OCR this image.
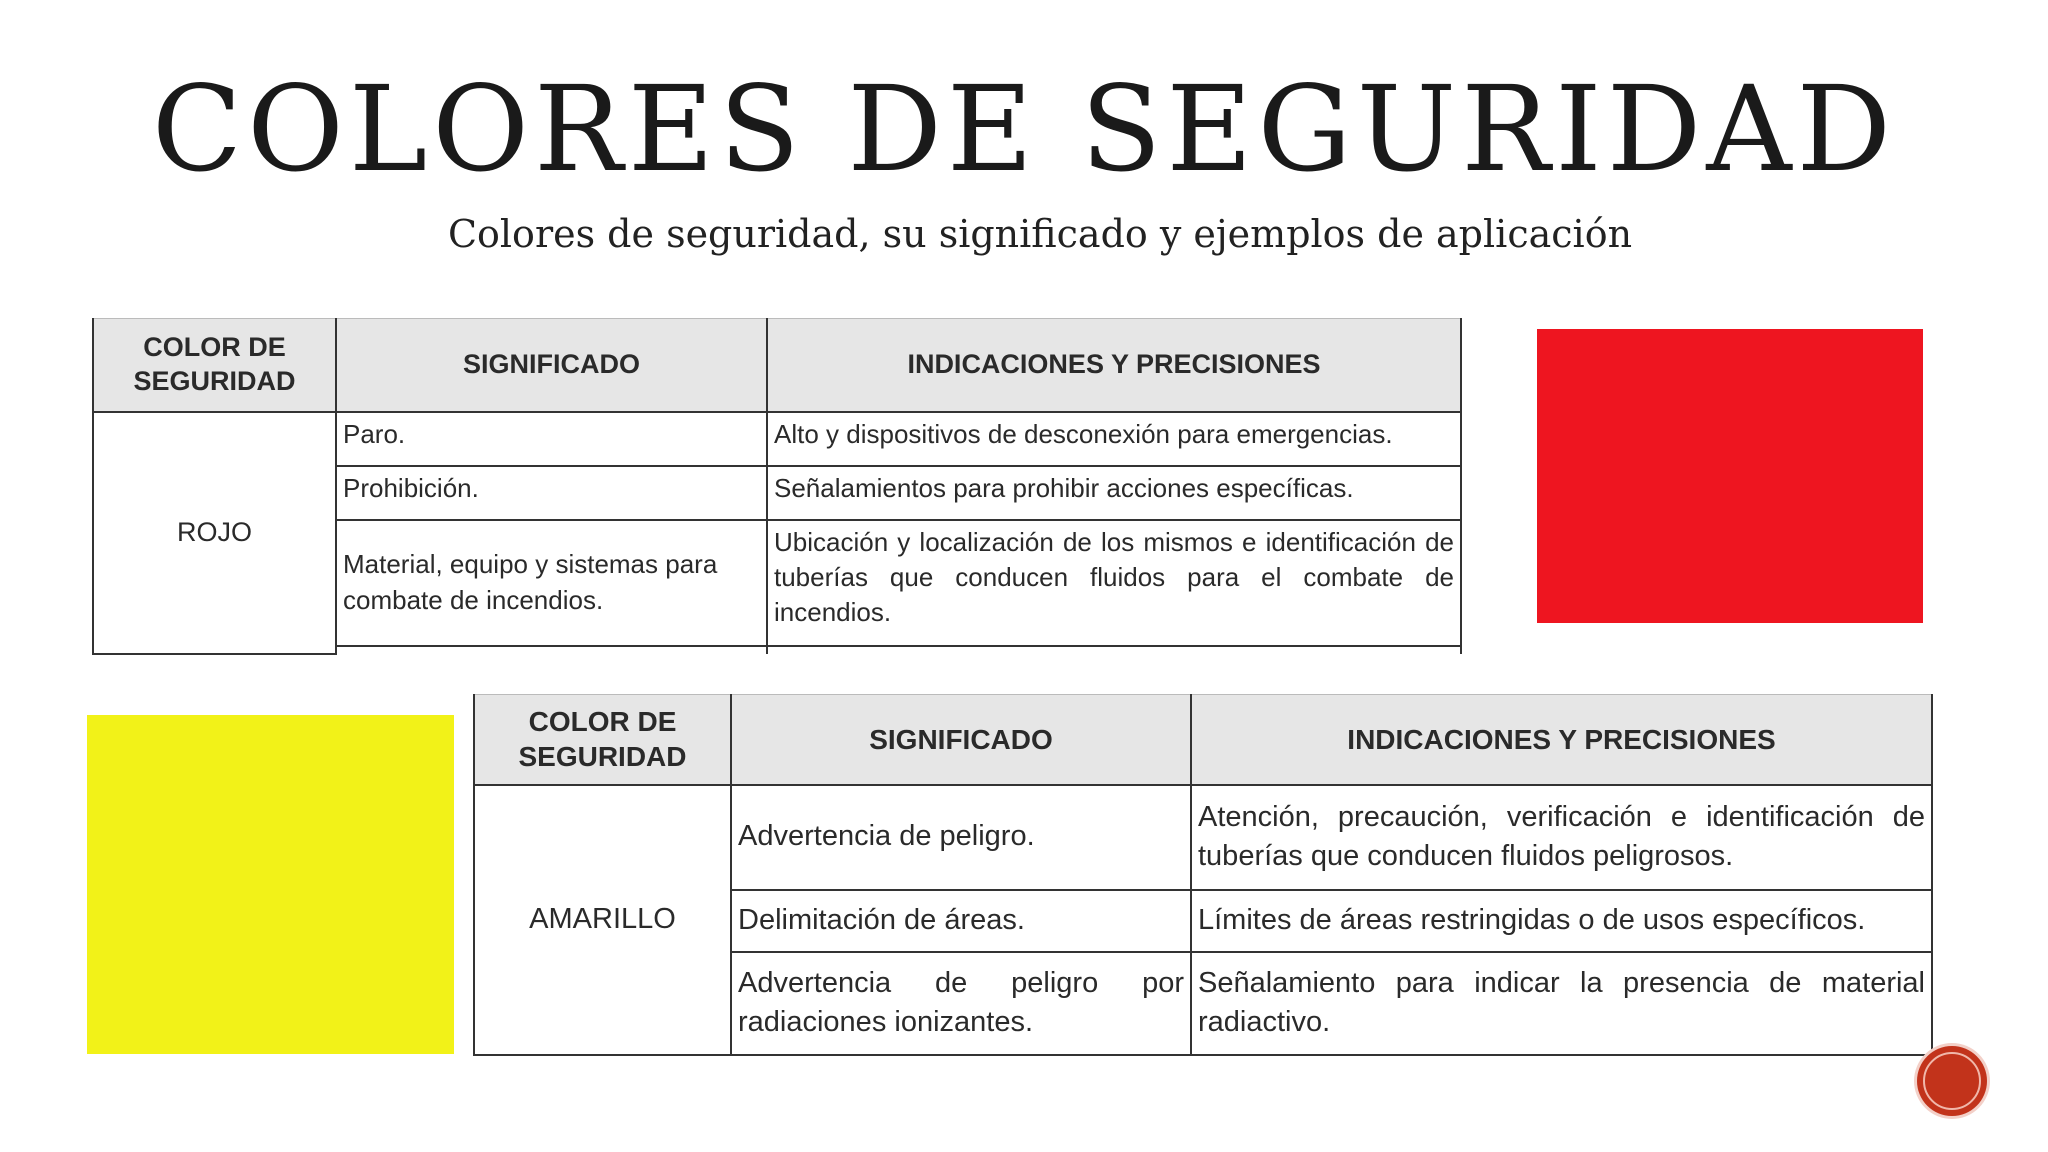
COLORES DE SEGURIDAD
Colores de seguridad, su significado y ejemplos de aplicación
COLOR DE SEGURIDAD	SIGNIFICADO	INDICACIONES Y PRECISIONES
ROJO	Paro.	Alto y dispositivos de desconexión para emergencias.
	Prohibición.	Señalamientos para prohibir acciones específicas.
	Material, equipo y sistemas para combate de incendios.	Ubicación y localización de los mismos e identificación de tuberías que conducen fluidos para el combate de incendios.

COLOR DE SEGURIDAD	SIGNIFICADO	INDICACIONES Y PRECISIONES
AMARILLO	Advertencia de peligro.	Atención, precaución, verificación e identificación de tuberías que conducen fluidos peligrosos.
	Delimitación de áreas.	Límites de áreas restringidas o de usos específicos.
	Advertencia de peligro por radiaciones ionizantes.	Señalamiento para indicar la presencia de material radiactivo.
